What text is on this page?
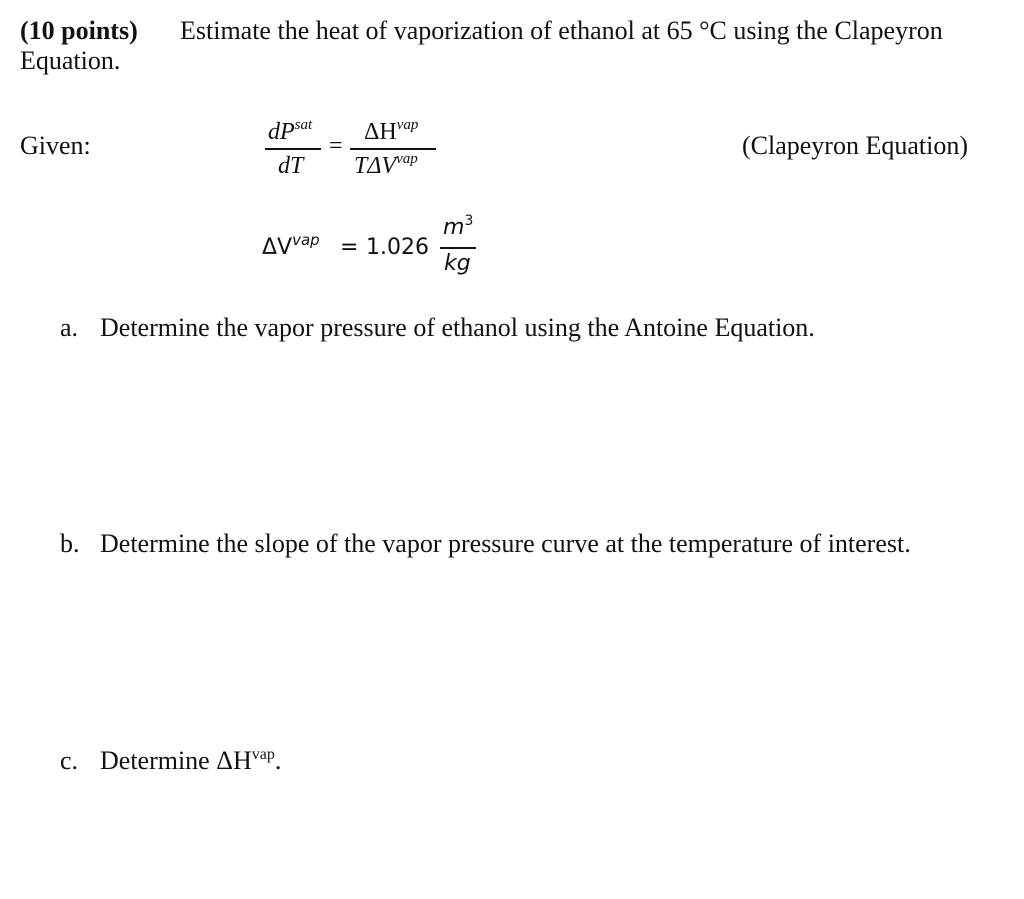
(10 points) Estimate the heat of vaporization of ethanol at 65 °C using the Clapeyron
Equation.
Given:	$dP^{sat}$
dT
=
$\Delta H^{vap}$
$T\Delta V^{vap}$	(Clapeyron Equation)
$\Delta V^{vap} = 1.026$
$m^3$
kg
a. Determine the vapor pressure of ethanol using the Antoine Equation.
b. Determine the slope of the vapor pressure curve at the temperature of interest.
c. Determine $\Delta H^{vap}$.
